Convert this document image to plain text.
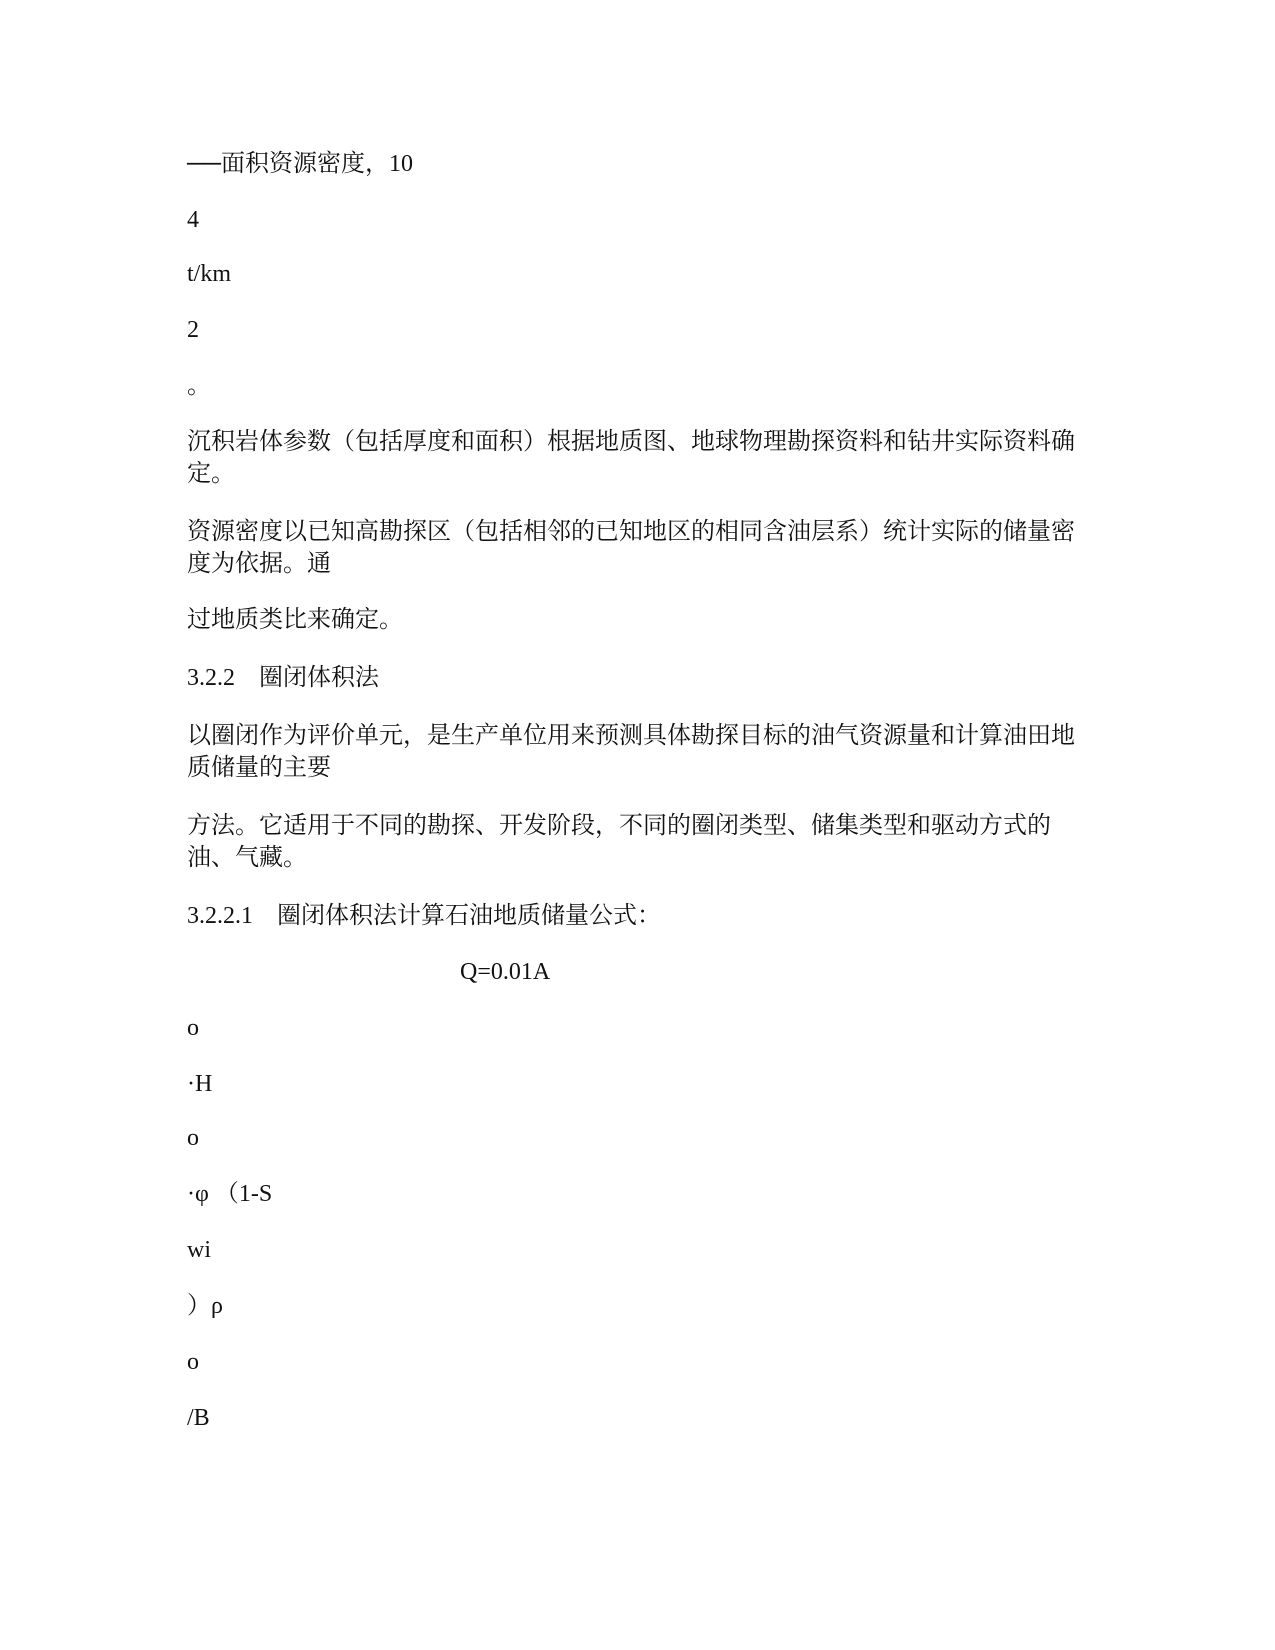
──面积资源密度，10
4
t/km
2
。
沉积岩体参数（包括厚度和面积）根据地质图、地球物理勘探资料和钻井实际资料确定。
资源密度以已知高勘探区（包括相邻的已知地区的相同含油层系）统计实际的储量密度为依据。通
过地质类比来确定。
3.2.2　圈闭体积法
以圈闭作为评价单元，是生产单位用来预测具体勘探目标的油气资源量和计算油田地质储量的主要
方法。它适用于不同的勘探、开发阶段，不同的圈闭类型、储集类型和驱动方式的油、气藏。
3.2.2.1　圈闭体积法计算石油地质储量公式：
Q=0.01A
o
·H
o
·φ （1-S
wi
）ρ
o
/B
